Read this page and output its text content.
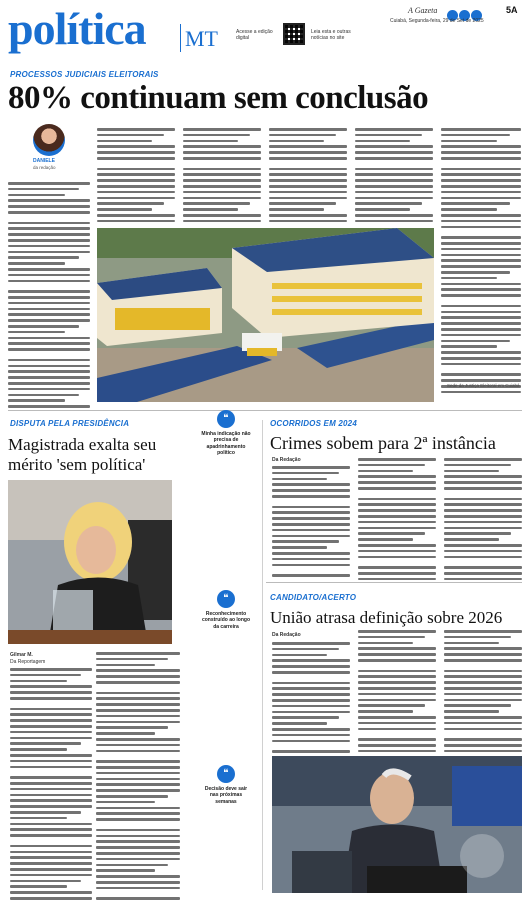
política MT	Acesse a edição digital
Leia esta e outras notícias no site
A Gazeta	5A
Cuiabá, Segunda-feira, 29 de Set de 2025
PROCESSOS JUDICIAIS ELEITORAIS
80% continuam sem conclusão
DANIELE
da redação
Sede da Justiça Eleitoral em Cuiabá
DISPUTA PELA PRESIDÊNCIA
Magistrada exalta seu mérito 'sem política'
❝
Minha indicação não precisa de apadrinhamento político
❝
Reconhecimento construído ao longo da carreira
❝
Decisão deve sair nas próximas semanas
Gilmar M.
Da Reportagem
OCORRIDOS EM 2024
Crimes sobem para 2ª instância
Da Redação
CANDIDATO/ACERTO
União atrasa definição sobre 2026
Da Redação
